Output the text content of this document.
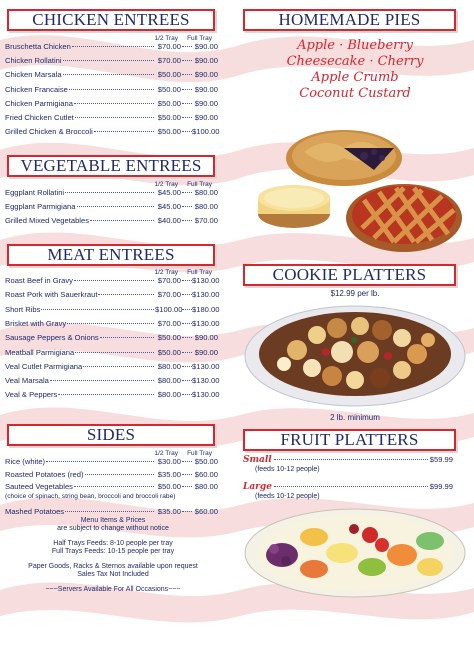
CHICKEN ENTREES
1/2 Tray	Full Tray
Bruschetta Chicken	$70.00	$90.00
Chicken Rollatini	$70.00	$90.00
Chicken Marsala	$50.00	$90.00
Chicken Francaise	$50.00	$90.00
Chicken Parmigiana	$50.00	$90.00
Fried Chicken Cutlet	$50.00	$90.00
Grilled Chicken & Broccoli	$50.00 $100.00
VEGETABLE ENTREES
1/2 Tray	Full Tray
Eggplant Rollatini	$45.00	$80.00
Eggplant Parmigiana	$45.00	$80.00
Grilled Mixed Vegetables	$40.00	$70.00
MEAT ENTREES
1/2 Tray	Full Tray
Roast Beef in Gravy	$70.00 $130.00
Roast Pork with Sauerkraut	$70.00 $130.00
Short Ribs	$100.00 $180.00
Brisket with Gravy	$70.00 $130.00
Sausage Peppers & Onions	$50.00	$90.00
Meatball Parmigiana	$50.00	$90.00
Veal Cutlet Parmigiana	$80.00 $130.00
Veal Marsala	$80.00 $130.00
Veal & Peppers	$80.00 $130.00
SIDES
1/2 Tray	Full Tray
Rice (white)	$30.00	$50.00
Roasted Potatoes (red)	$35.00	$60.00
Sauteed Vegetables	$50.00	$80.00
(choice of spinach, string bean, broccoli and broccoli rabe)
Mashed Potatoes	$35.00	$60.00
Menu Items & Prices
are subject to change without notice
Half Trays Feeds: 8-10 people per tray
Full Trays Feeds: 10-15 people per tray
Paper Goods, Racks & Sternos available upon request
Sales Tax Not Included
~~~Servers Available For All Occasions~~~
HOMEMADE PIES
Apple · Blueberry
Cheesecake · Cherry
Apple Crumb
Coconut Custard
COOKIE PLATTERS
$12.99 per lb.
2 lb. minimum
FRUIT PLATTERS
Small	$59.99
(feeds 10-12 people)
Large	$99.99
(feeds 10-12 people)
